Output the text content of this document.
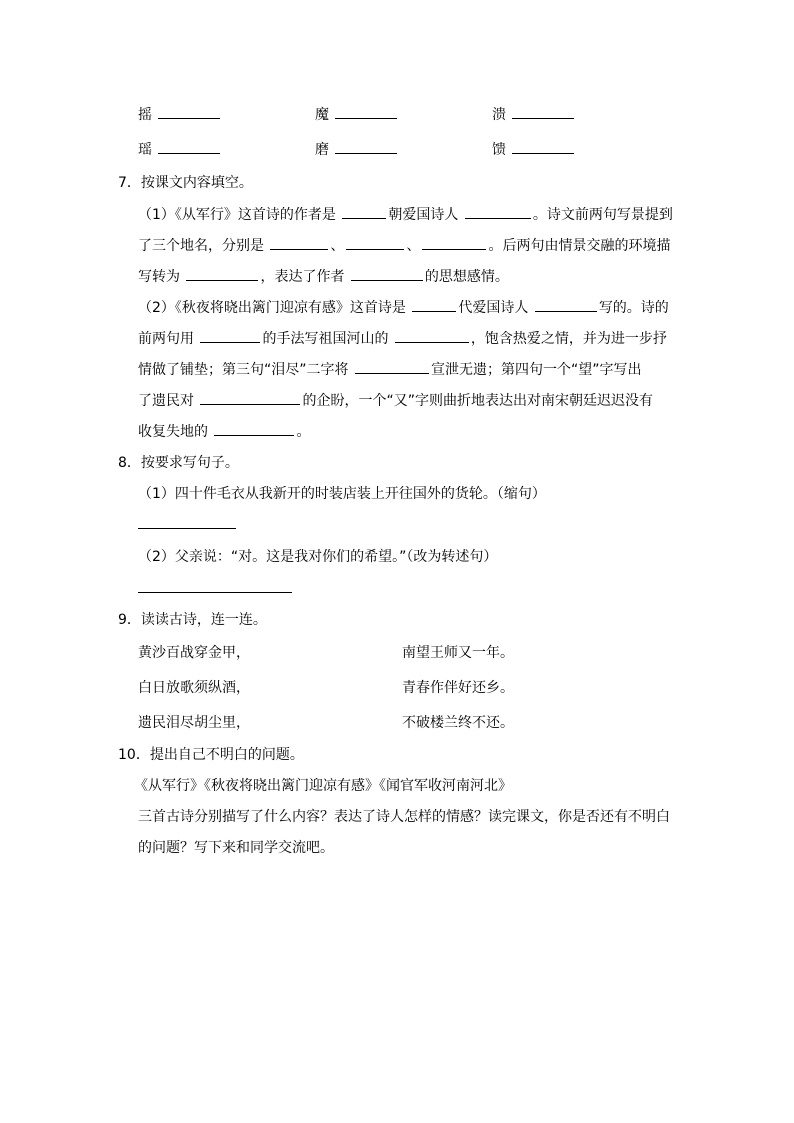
摇	魔	溃
瑶	磨	馈
7．按课文内容填空。
（1）《从军行》这首诗的作者是	朝爱国诗人	。诗文前两句写景提到
了三个地名，分别是	、	、	。后两句由情景交融的环境描
写转为	，表达了作者	的思想感情。
（2）《秋夜将晓出篱门迎凉有感》这首诗是	代爱国诗人	写的。诗的
前两句用	的手法写祖国河山的	，饱含热爱之情，并为进一步抒
情做了铺垫；第三句“泪尽”二字将	宣泄无遗；第四句一个“望”字写出
了遗民对	的企盼，一个“又”字则曲折地表达出对南宋朝廷迟迟没有
收复失地的	。
8．按要求写句子。
（1）四十件毛衣从我新开的时装店装上开往国外的货轮。（缩句）
（2）父亲说：“对。这是我对你们的希望。”（改为转述句）
9．读读古诗，连一连。
黄沙百战穿金甲，	南望王师又一年。
白日放歌须纵酒，	青春作伴好还乡。
遗民泪尽胡尘里，	不破楼兰终不还。
10．提出自己不明白的问题。
《从军行》《秋夜将晓出篱门迎凉有感》《闻官军收河南河北》
三首古诗分别描写了什么内容？表达了诗人怎样的情感？读完课文，你是否还有不明白
的问题？写下来和同学交流吧。
